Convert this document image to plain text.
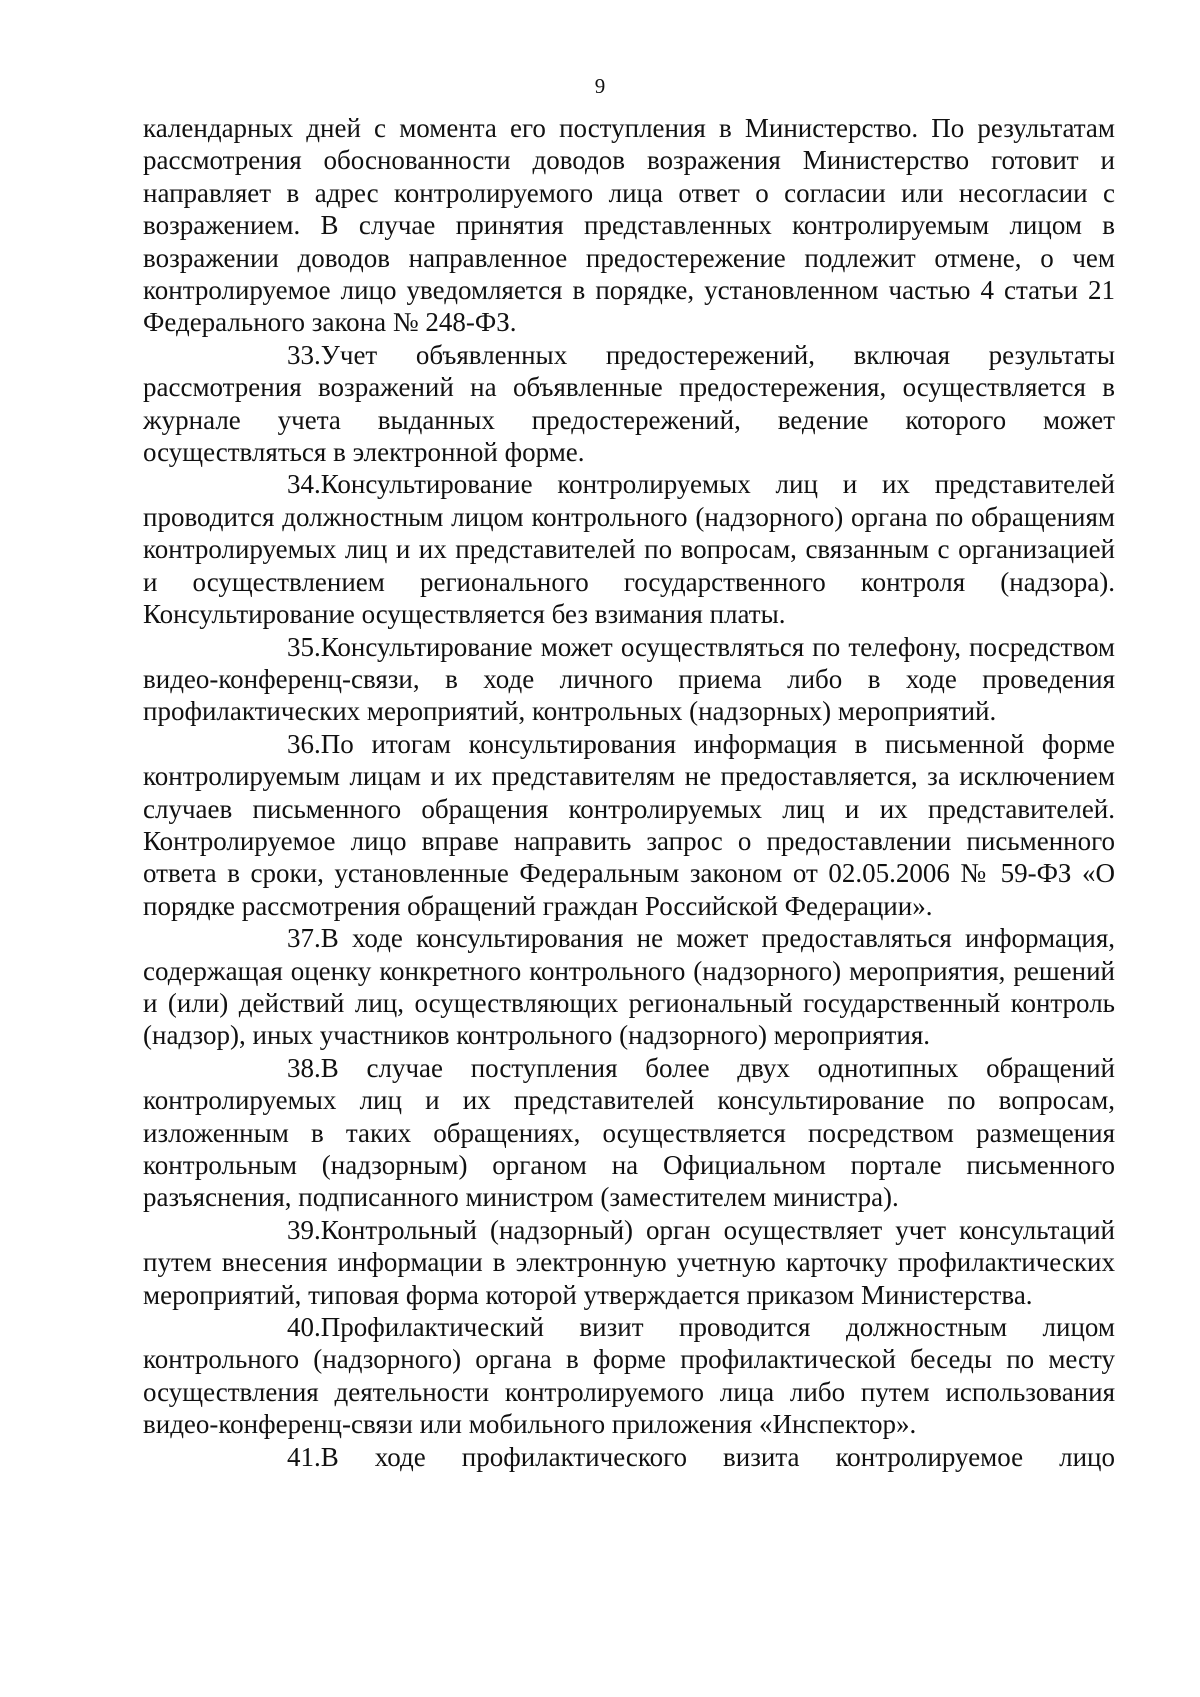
9

календарных дней с момента его поступления в Министерство. По результатам рассмотрения обоснованности доводов возражения Министерство готовит и направляет в адрес контролируемого лица ответ о согласии или несогласии с возражением. В случае принятия представленных контролируемым лицом в возражении доводов направленное предостережение подлежит отмене, о чем контролируемое лицо уведомляется в порядке, установленном частью 4 статьи 21 Федерального закона № 248-ФЗ.

33.Учет объявленных предостережений, включая результаты рассмотрения возражений на объявленные предостережения, осуществляется в журнале учета выданных предостережений, ведение которого может осуществляться в электронной форме.

34.Консультирование контролируемых лиц и их представителей проводится должностным лицом контрольного (надзорного) органа по обращениям контролируемых лиц и их представителей по вопросам, связанным с организацией и осуществлением регионального государственного контроля (надзора). Консультирование осуществляется без взимания платы.

35.Консультирование может осуществляться по телефону, посредством видео-конференц-связи, в ходе личного приема либо в ходе проведения профилактических мероприятий, контрольных (надзорных) мероприятий.

36.По итогам консультирования информация в письменной форме контролируемым лицам и их представителям не предоставляется, за исключением случаев письменного обращения контролируемых лиц и их представителей. Контролируемое лицо вправе направить запрос о предоставлении письменного ответа в сроки, установленные Федеральным законом от 02.05.2006 № 59-ФЗ «О порядке рассмотрения обращений граждан Российской Федерации».

37.В ходе консультирования не может предоставляться информация, содержащая оценку конкретного контрольного (надзорного) мероприятия, решений и (или) действий лиц, осуществляющих региональный государственный контроль (надзор), иных участников контрольного (надзорного) мероприятия.

38.В случае поступления более двух однотипных обращений контролируемых лиц и их представителей консультирование по вопросам, изложенным в таких обращениях, осуществляется посредством размещения контрольным (надзорным) органом на Официальном портале письменного разъяснения, подписанного министром (заместителем министра).

39.Контрольный (надзорный) орган осуществляет учет консультаций путем внесения информации в электронную учетную карточку профилактических мероприятий, типовая форма которой утверждается приказом Министерства.

40.Профилактический визит проводится должностным лицом контрольного (надзорного) органа в форме профилактической беседы по месту осуществления деятельности контролируемого лица либо путем использования видео-конференц-связи или мобильного приложения «Инспектор».

41.В ходе профилактического визита контролируемое лицо
